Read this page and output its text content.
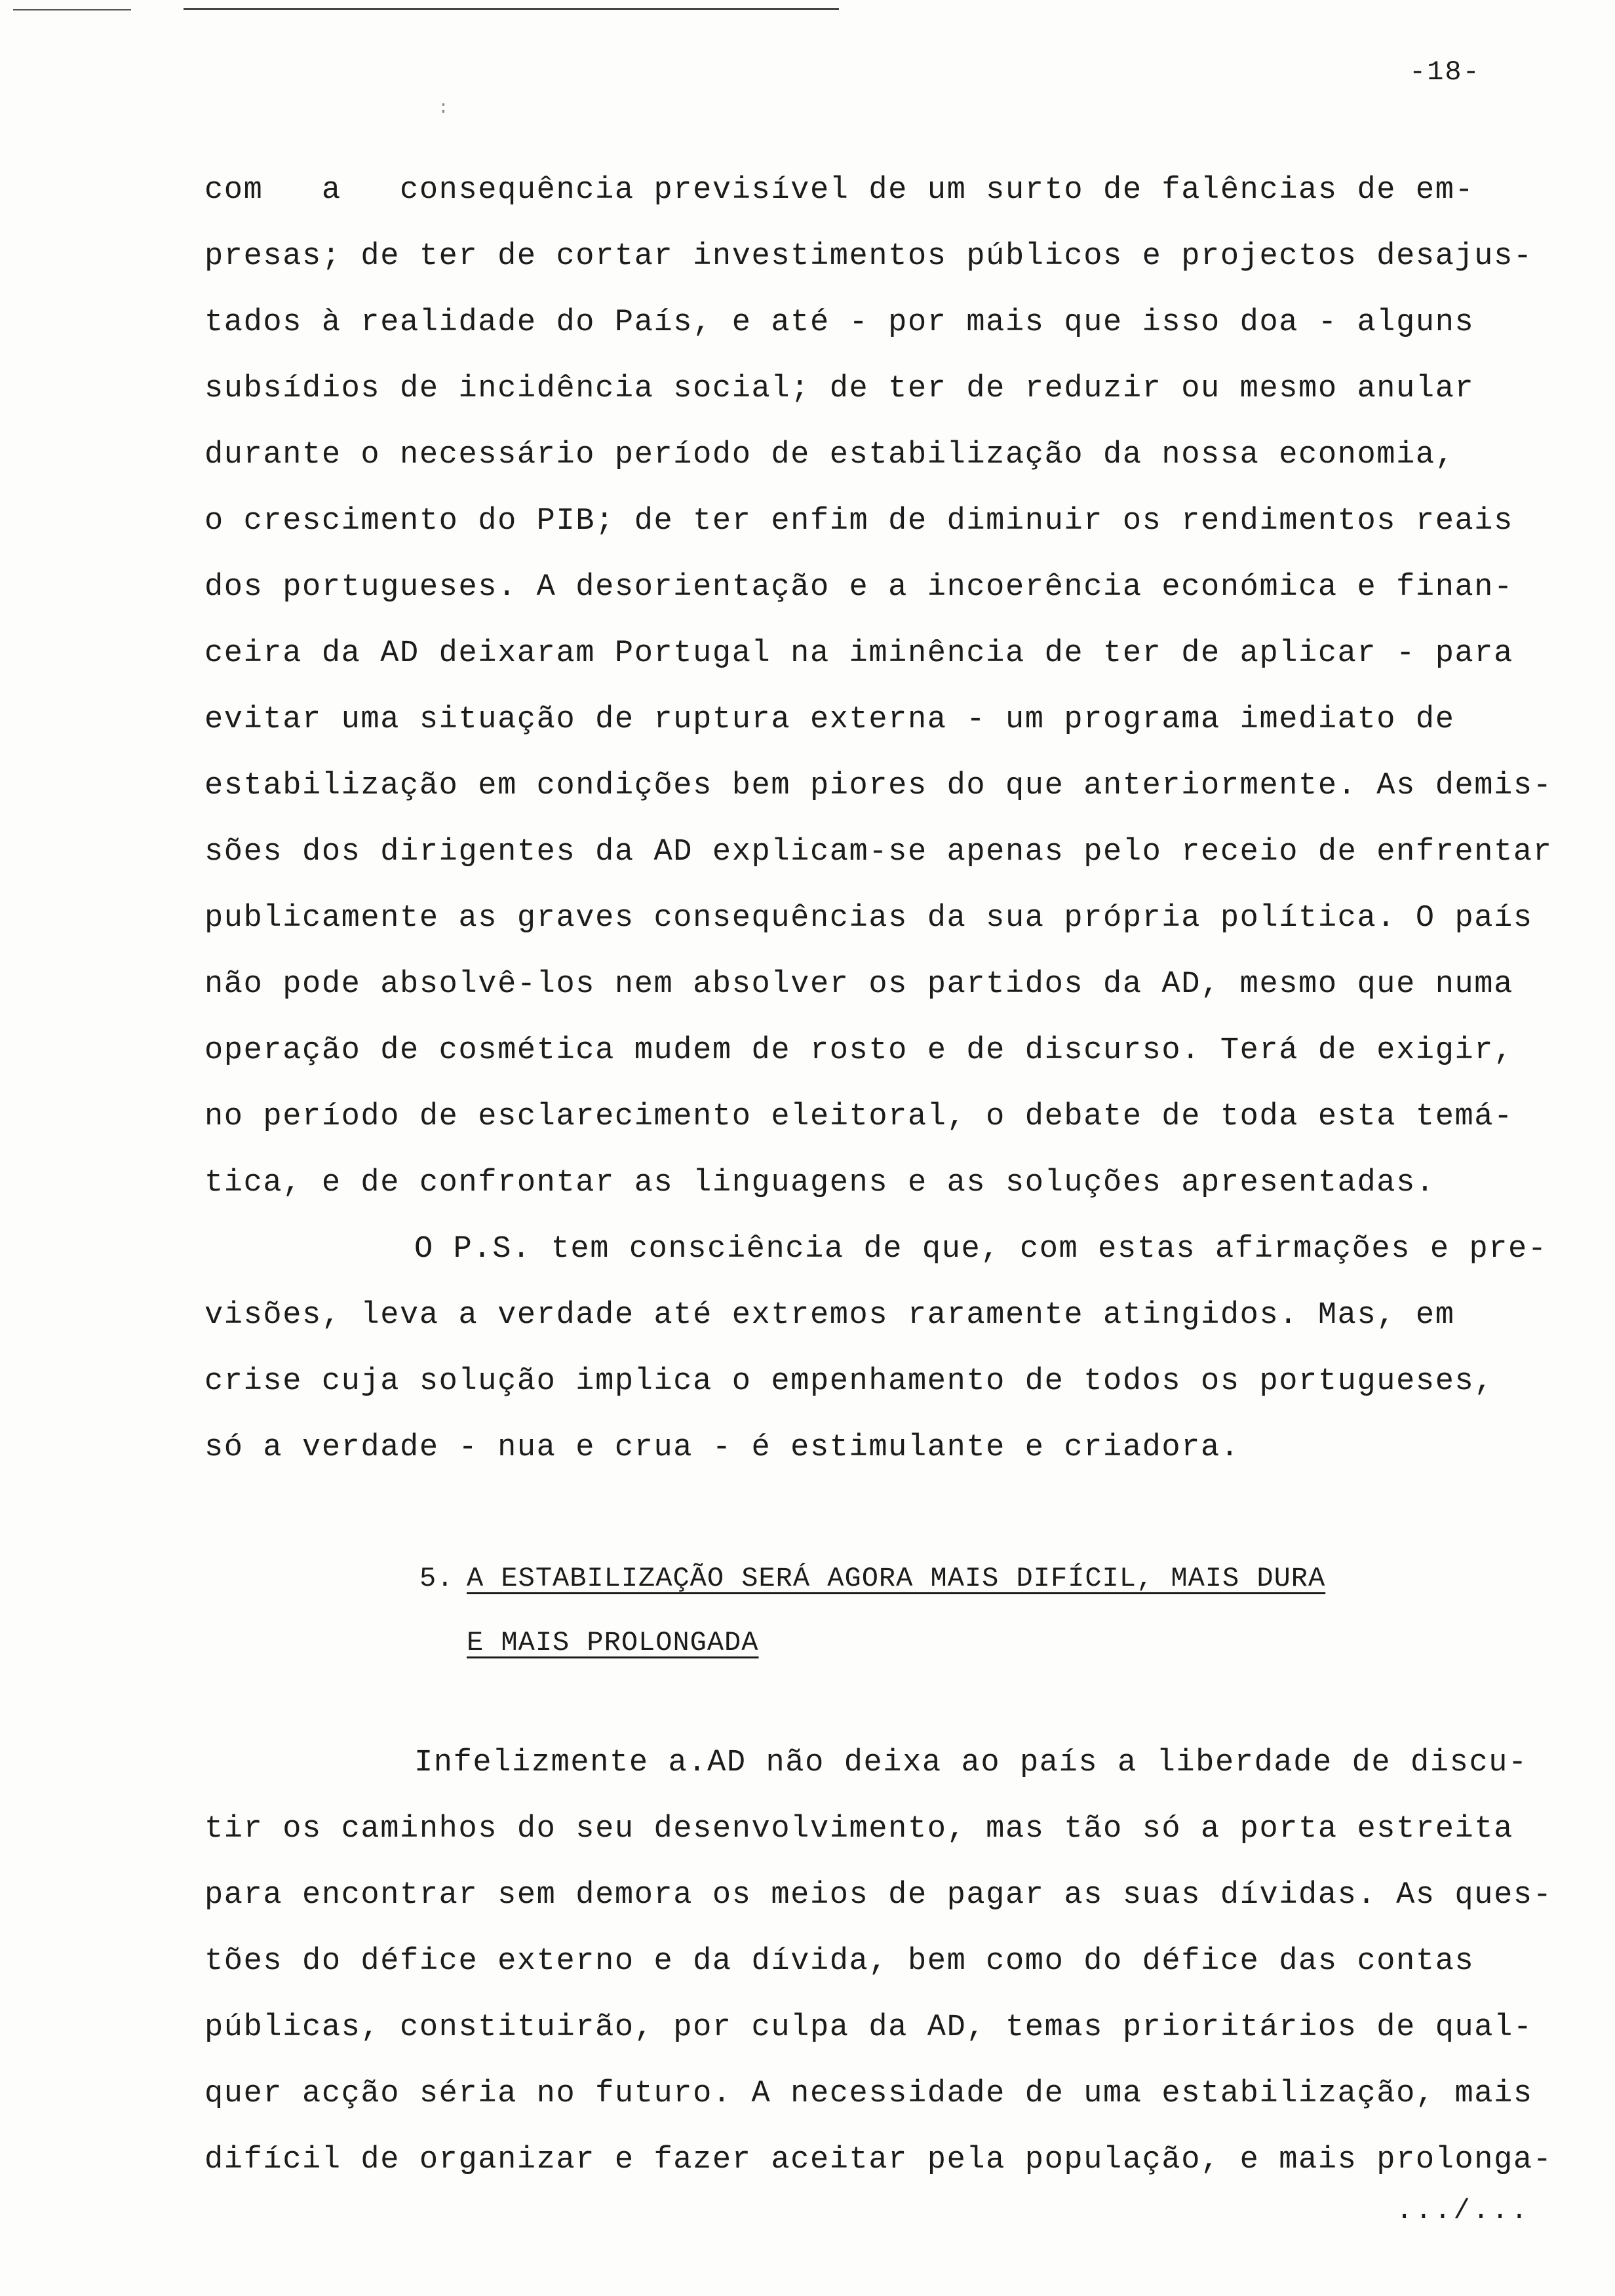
-18-
:
com   a   consequência previsível de um surto de falências de em-
presas; de ter de cortar investimentos públicos e projectos desajus-
tados à realidade do País, e até - por mais que isso doa - alguns
subsídios de incidência social; de ter de reduzir ou mesmo anular
durante o necessário período de estabilização da nossa economia,
o crescimento do PIB; de ter enfim de diminuir os rendimentos reais
dos portugueses. A desorientação e a incoerência económica e finan-
ceira da AD deixaram Portugal na iminência de ter de aplicar - para
evitar uma situação de ruptura externa - um programa imediato de
estabilização em condições bem piores do que anteriormente. As demis-
sões dos dirigentes da AD explicam-se apenas pelo receio de enfrentar
publicamente as graves consequências da sua própria política. O país
não pode absolvê-los nem absolver os partidos da AD, mesmo que numa
operação de cosmética mudem de rosto e de discurso. Terá de exigir,
no período de esclarecimento eleitoral, o debate de toda esta temá-
tica, e de confrontar as linguagens e as soluções apresentadas.
O P.S. tem consciência de que, com estas afirmações e pre-
visões, leva a verdade até extremos raramente atingidos. Mas, em
crise cuja solução implica o empenhamento de todos os portugueses,
só a verdade - nua e crua - é estimulante e criadora.
5. A ESTABILIZAÇÃO SERÁ AGORA MAIS DIFÍCIL, MAIS DURA
E MAIS PROLONGADA
Infelizmente a.AD não deixa ao país a liberdade de discu-
tir os caminhos do seu desenvolvimento, mas tão só a porta estreita
para encontrar sem demora os meios de pagar as suas dívidas. As ques-
tões do défice externo e da dívida, bem como do défice das contas
públicas, constituirão, por culpa da AD, temas prioritários de qual-
quer acção séria no futuro. A necessidade de uma estabilização, mais
difícil de organizar e fazer aceitar pela população, e mais prolonga-
.../...
